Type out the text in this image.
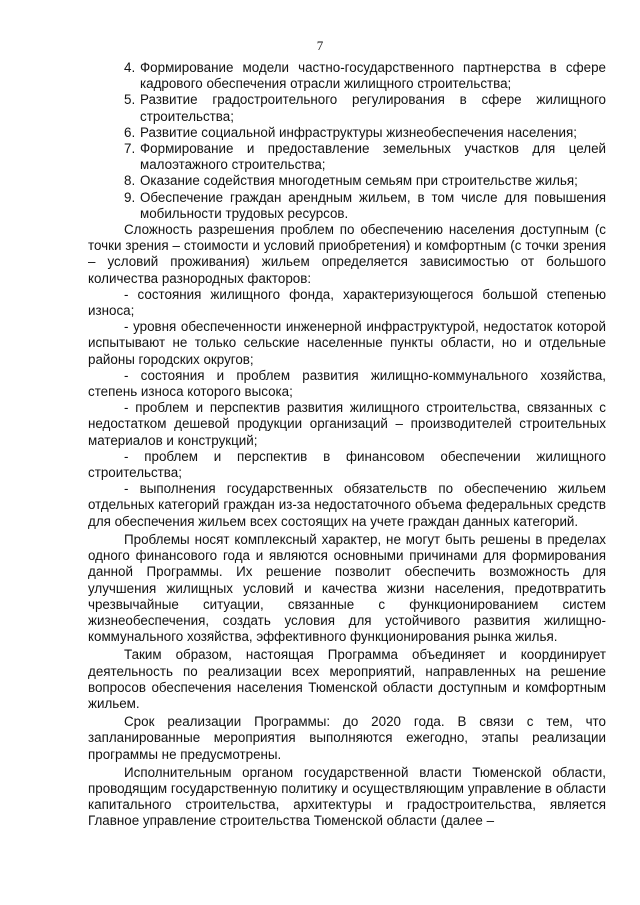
7
4. Формирование модели частно-государственного партнерства в сфере кадрового обеспечения отрасли жилищного строительства;
5. Развитие градостроительного регулирования в сфере жилищного строительства;
6. Развитие социальной инфраструктуры жизнеобеспечения населения;
7. Формирование и предоставление земельных участков для целей малоэтажного строительства;
8. Оказание содействия многодетным семьям при строительстве жилья;
9. Обеспечение граждан арендным жильем, в том числе для повышения мобильности трудовых ресурсов.

Сложность разрешения проблем по обеспечению населения доступным (с точки зрения – стоимости и условий приобретения) и комфортным (с точки зрения – условий проживания) жильем определяется зависимостью от большого количества разнородных факторов:

- состояния жилищного фонда, характеризующегося большой степенью износа;

- уровня обеспеченности инженерной инфраструктурой, недостаток которой испытывают не только сельские населенные пункты области, но и отдельные районы городских округов;

- состояния и проблем развития жилищно-коммунального хозяйства, степень износа которого высока;

- проблем и перспектив развития жилищного строительства, связанных с недостатком дешевой продукции организаций – производителей строительных материалов и конструкций;

- проблем и перспектив в финансовом обеспечении жилищного строительства;

- выполнения государственных обязательств по обеспечению жильем отдельных категорий граждан из-за недостаточного объема федеральных средств для обеспечения жильем всех состоящих на учете граждан данных категорий.

Проблемы носят комплексный характер, не могут быть решены в пределах одного финансового года и являются основными причинами для формирования данной Программы. Их решение позволит обеспечить возможность для улучшения жилищных условий и качества жизни населения, предотвратить чрезвычайные ситуации, связанные с функционированием систем жизнеобеспечения, создать условия для устойчивого развития жилищно-коммунального хозяйства, эффективного функционирования рынка жилья.

Таким образом, настоящая Программа объединяет и координирует деятельность по реализации всех мероприятий, направленных на решение вопросов обеспечения населения Тюменской области доступным и комфортным жильем.

Срок реализации Программы: до 2020 года. В связи с тем, что запланированные мероприятия выполняются ежегодно, этапы реализации программы не предусмотрены.

Исполнительным органом государственной власти Тюменской области, проводящим государственную политику и осуществляющим управление в области капитального строительства, архитектуры и градостроительства, является Главное управление строительства Тюменской области (далее –
